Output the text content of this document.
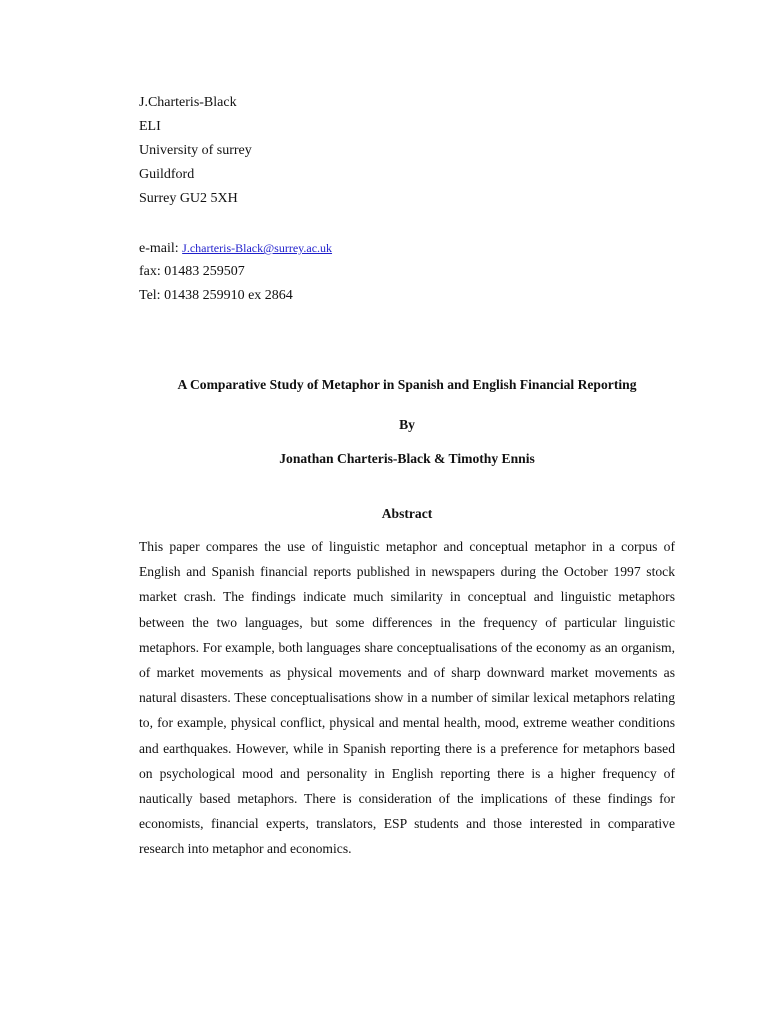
J.Charteris-Black
ELI
University of surrey
Guildford
Surrey GU2 5XH
e-mail: J.charteris-Black@surrey.ac.uk
fax: 01483 259507
Tel: 01438 259910 ex 2864
A Comparative Study of Metaphor in Spanish and English Financial Reporting
By
Jonathan Charteris-Black & Timothy Ennis
Abstract

This paper compares the use of linguistic metaphor and conceptual metaphor in a corpus of English and Spanish financial reports published in newspapers during the October 1997 stock market crash. The findings indicate much similarity in conceptual and linguistic metaphors between the two languages, but some differences in the frequency of particular linguistic metaphors. For example, both languages share conceptualisations of the economy as an organism, of market movements as physical movements and of sharp downward market movements as natural disasters. These conceptualisations show in a number of similar lexical metaphors relating to, for example, physical conflict, physical and mental health, mood, extreme weather conditions and earthquakes. However, while in Spanish reporting there is a preference for metaphors based on psychological mood and personality in English reporting there is a higher frequency of nautically based metaphors. There is consideration of the implications of these findings for economists, financial experts, translators, ESP students and those interested in comparative research into metaphor and economics.
